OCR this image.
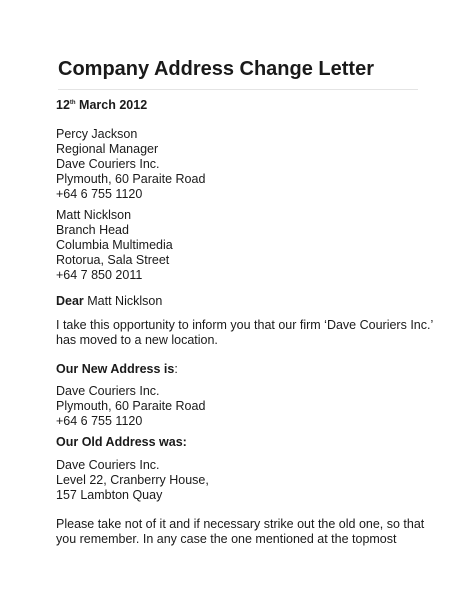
Company Address Change Letter
12th March 2012
Percy Jackson
Regional Manager
Dave Couriers Inc.
Plymouth, 60 Paraite Road
+64 6 755 1120
Matt Nicklson
Branch Head
Columbia Multimedia
Rotorua, Sala Street
+64 7 850 2011
Dear Matt Nicklson
I take this opportunity to inform you that our firm ‘Dave Couriers Inc.’ has moved to a new location.
Our New Address is:
Dave Couriers Inc.
Plymouth, 60 Paraite Road
+64 6 755 1120
Our Old Address was:
Dave Couriers Inc.
Level 22, Cranberry House,
157 Lambton Quay
Please take not of it and if necessary strike out the old one, so that you remember. In any case the one mentioned at the topmost
